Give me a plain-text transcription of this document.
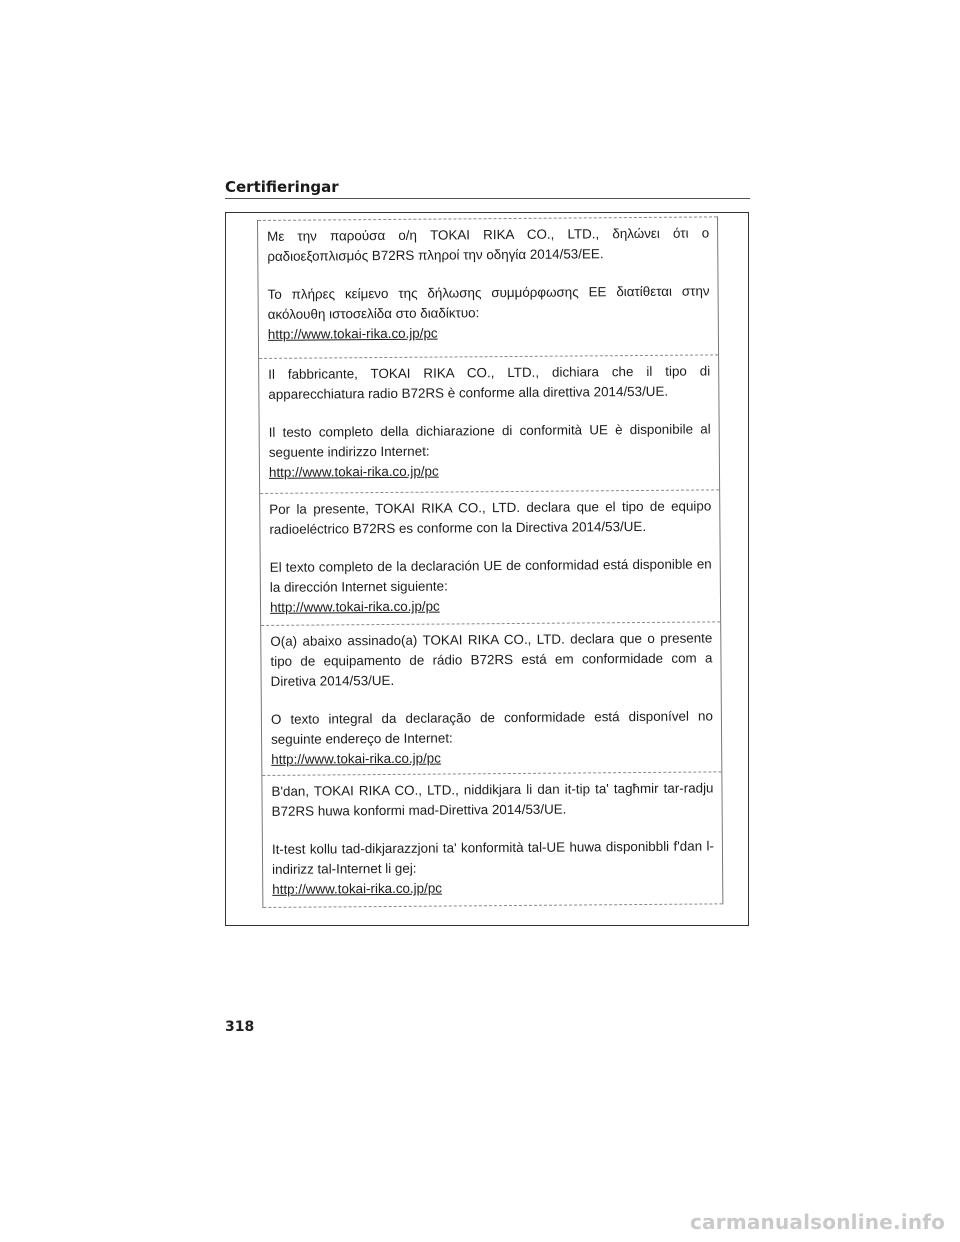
Certifieringar

Με την παρούσα ο/η TOKAI RIKA CO., LTD., δηλώνει ότι ο ραδιοεξοπλισμός B72RS πληροί την οδηγία 2014/53/ΕΕ.

Το πλήρες κείμενο της δήλωσης συμμόρφωσης ΕΕ διατίθεται στην ακόλουθη ιστοσελίδα στο διαδίκτυο:

http://www.tokai-rika.co.jp/pc

Il fabbricante, TOKAI RIKA CO., LTD., dichiara che il tipo di apparecchiatura radio B72RS è conforme alla direttiva 2014/53/UE.

Il testo completo della dichiarazione di conformità UE è disponibile al seguente indirizzo Internet:

http://www.tokai-rika.co.jp/pc

Por la presente, TOKAI RIKA CO., LTD. declara que el tipo de equipo radioeléctrico B72RS es conforme con la Directiva 2014/53/UE.

El texto completo de la declaración UE de conformidad está disponible en la dirección Internet siguiente:

http://www.tokai-rika.co.jp/pc

O(a) abaixo assinado(a) TOKAI RIKA CO., LTD. declara que o presente tipo de equipamento de rádio B72RS está em conformidade com a Diretiva 2014/53/UE.

O texto integral da declaração de conformidade está disponível no seguinte endereço de Internet:

http://www.tokai-rika.co.jp/pc

B'dan, TOKAI RIKA CO., LTD., niddikjara li dan it-tip ta' tagħmir tar-radju B72RS huwa konformi mad-Direttiva 2014/53/UE.

It-test kollu tad-dikjarazzjoni ta' konformità tal-UE huwa disponibbli f'dan l-indirizz tal-Internet li gej:

http://www.tokai-rika.co.jp/pc
318
carmanualsonline.info
